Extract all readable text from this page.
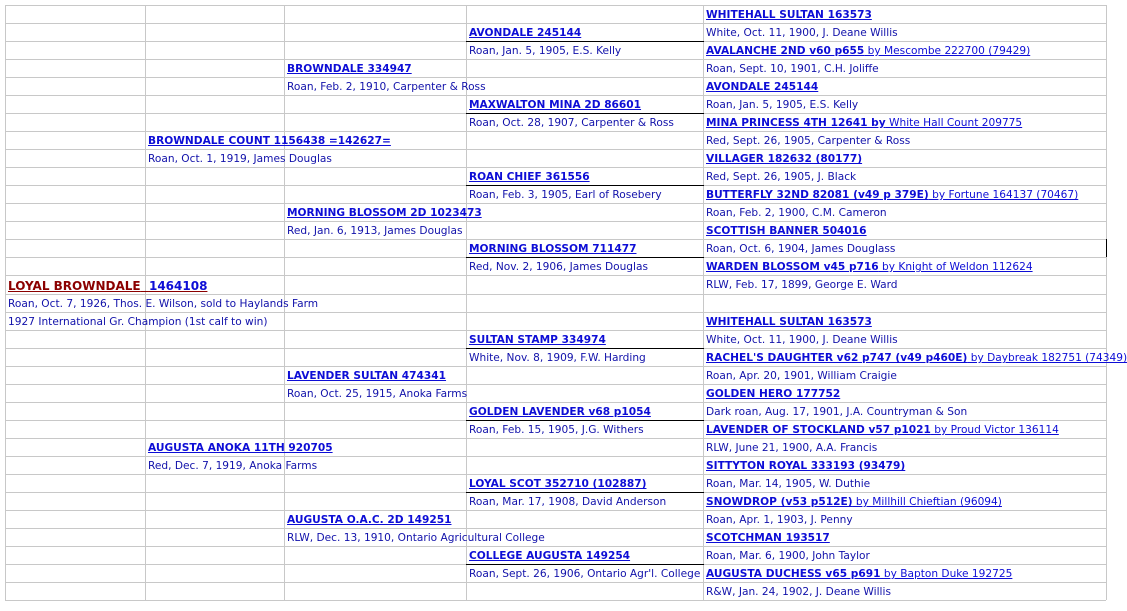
WHITEHALL SULTAN 163573
White, Oct. 11, 1900, J. Deane Willis
AVALANCHE 2ND v60 p655 by Mescombe 222700 (79429)
Roan, Sept. 10, 1901, C.H. Joliffe
AVONDALE 245144
Roan, Jan. 5, 1905, E.S. Kelly
MINA PRINCESS 4TH 12641 by White Hall Count 209775
Red, Sept. 26, 1905, Carpenter & Ross
VILLAGER 182632 (80177)
Red, Sept. 26, 1905, J. Black
BUTTERFLY 32ND 82081 (v49 p 379E) by Fortune 164137 (70467)
Roan, Feb. 2, 1900, C.M. Cameron
SCOTTISH BANNER 504016
Roan, Oct. 6, 1904, James Douglass
WARDEN BLOSSOM v45 p716 by Knight of Weldon 112624
RLW, Feb. 17, 1899, George E. Ward
WHITEHALL SULTAN 163573
White, Oct. 11, 1900, J. Deane Willis
RACHEL'S DAUGHTER v62 p747 (v49 p460E) by Daybreak 182751 (74349)
Roan, Apr. 20, 1901, William Craigie
GOLDEN HERO 177752
Dark roan, Aug. 17, 1901, J.A. Countryman & Son
LAVENDER OF STOCKLAND v57 p1021 by Proud Victor 136114
RLW, June 21, 1900, A.A. Francis
SITTYTON ROYAL 333193 (93479)
Roan, Mar. 14, 1905, W. Duthie
SNOWDROP (v53 p512E) by Millhill Chieftian (96094)
Roan, Apr. 1, 1903, J. Penny
SCOTCHMAN 193517
Roan, Mar. 6, 1900, John Taylor
AUGUSTA DUCHESS v65 p691 by Bapton Duke 192725
R&W, Jan. 24, 1902, J. Deane Willis
AVONDALE 245144
Roan, Jan. 5, 1905, E.S. Kelly
MAXWALTON MINA 2D 86601
Roan, Oct. 28, 1907, Carpenter & Ross
ROAN CHIEF 361556
Roan, Feb. 3, 1905, Earl of Rosebery
MORNING BLOSSOM 711477
Red, Nov. 2, 1906, James Douglas
SULTAN STAMP 334974
White, Nov. 8, 1909, F.W. Harding
GOLDEN LAVENDER v68 p1054
Roan, Feb. 15, 1905, J.G. Withers
LOYAL SCOT 352710 (102887)
Roan, Mar. 17, 1908, David Anderson
COLLEGE AUGUSTA 149254
Roan, Sept. 26, 1906, Ontario Agr'l. College
BROWNDALE 334947
Roan, Feb. 2, 1910, Carpenter & Ross
MORNING BLOSSOM 2D 1023473
Red, Jan. 6, 1913, James Douglas
LAVENDER SULTAN 474341
Roan, Oct. 25, 1915, Anoka Farms
AUGUSTA O.A.C. 2D 149251
RLW, Dec. 13, 1910, Ontario Agricultural College
BROWNDALE COUNT 1156438 =142627=
Roan, Oct. 1, 1919, James Douglas
AUGUSTA ANOKA 11TH 920705
Red, Dec. 7, 1919, Anoka Farms
LOYAL BROWNDALE 1464108
Roan, Oct. 7, 1926, Thos. E. Wilson, sold to Haylands Farm
1927 International Gr. Champion (1st calf to win)
